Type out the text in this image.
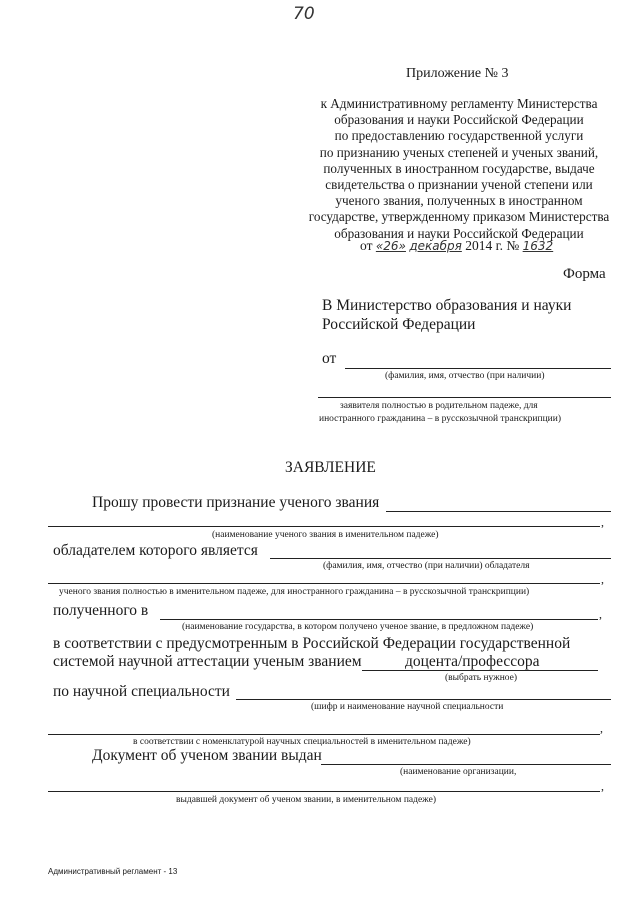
70
Приложение № 3
к Административному регламенту Министерства
образования и науки Российской Федерации
по предоставлению государственной услуги
по признанию ученых степеней и ученых званий,
полученных в иностранном государстве, выдаче
свидетельства о признании ученой степени или
ученого звания, полученных в иностранном
государстве, утвержденному приказом Министерства
образования и науки Российской Федерации
от «26» декабря 2014 г. № 1632
Форма
В Министерство образования и науки
Российской Федерации
от
(фамилия, имя, отчество (при наличии)
заявителя полностью в родительном падеже, для
иностранного гражданина – в русскозычной транскрипции)
ЗАЯВЛЕНИЕ
Прошу провести признание ученого звания
,
(наименование ученого звания в именительном падеже)
обладателем которого является
(фамилия, имя, отчество (при наличии) обладателя
,
ученого звания полностью в именительном падеже, для иностранного гражданина – в русскозычной транскрипции)
полученного в	,
(наименование государства, в котором получено ученое звание, в предложном падеже)
в соответствии с предусмотренным в Российской Федерации государственной
системой научной аттестации ученым званием	доцента/профессора
(выбрать нужное)
по научной специальности
(шифр и наименование научной специальности
,
в соответствии с номенклатурой научных специальностей в именительном падеже)
Документ об ученом звании выдан
(наименование организации,
,
выдавшей документ об ученом звании, в именительном падеже)
Административный регламент - 13
